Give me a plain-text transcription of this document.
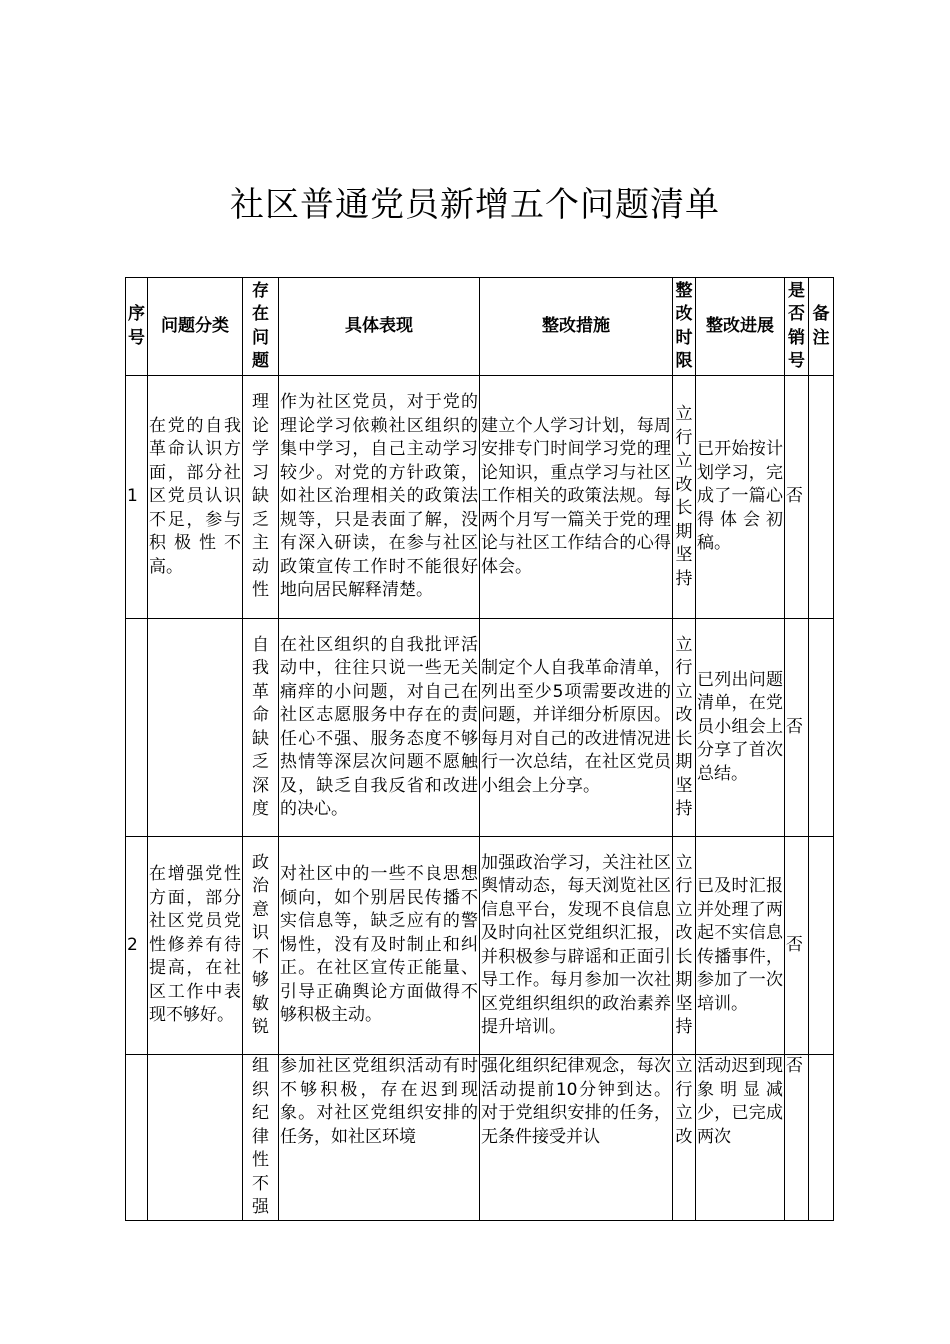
社区普通党员新增五个问题清单
序号	问题分类	存在问题	具体表现	整改措施	整改时限	整改进展	是否销号	备注
1	在党的自我革命认识方面，部分社区党员认识不足，参与积极性不高。	理论学习缺乏主动性	作为社区党员，对于党的理论学习依赖社区组织的集中学习，自己主动学习较少。对党的方针政策，如社区治理相关的政策法规等，只是表面了解，没有深入研读，在参与社区政策宣传工作时不能很好地向居民解释清楚。	建立个人学习计划，每周安排专门时间学习党的理论知识，重点学习与社区工作相关的政策法规。每两个月写一篇关于党的理论与社区工作结合的心得体会。	立行立改长期坚持	已开始按计划学习，完成了一篇心得体会初稿。	否	
		自我革命缺乏深度	在社区组织的自我批评活动中，往往只说一些无关痛痒的小问题，对自己在社区志愿服务中存在的责任心不强、服务态度不够热情等深层次问题不愿触及，缺乏自我反省和改进的决心。	制定个人自我革命清单，列出至少5项需要改进的问题，并详细分析原因。每月对自己的改进情况进行一次总结，在社区党员小组会上分享。	立行立改长期坚持	已列出问题清单，在党员小组会上分享了首次总结。	否	
2	在增强党性方面，部分社区党员党性修养有待提高，在社区工作中表现不够好。	政治意识不够敏锐	对社区中的一些不良思想倾向，如个别居民传播不实信息等，缺乏应有的警惕性，没有及时制止和纠正。在社区宣传正能量、引导正确舆论方面做得不够积极主动。	加强政治学习，关注社区舆情动态，每天浏览社区信息平台，发现不良信息及时向社区党组织汇报，并积极参与辟谣和正面引导工作。每月参加一次社区党组织组织的政治素养提升培训。	立行立改长期坚持	已及时汇报并处理了两起不实信息传播事件，参加了一次培训。	否	

		组织纪律性不强	参加社区党组织活动有时不够积极，存在迟到现象。对社区党组织安排的任务，如社区环境	强化组织纪律观念，每次活动提前10分钟到达。对于党组织安排的任务，无条件接受并认	立行立改	活动迟到现象明显减少，已完成两次	否	
